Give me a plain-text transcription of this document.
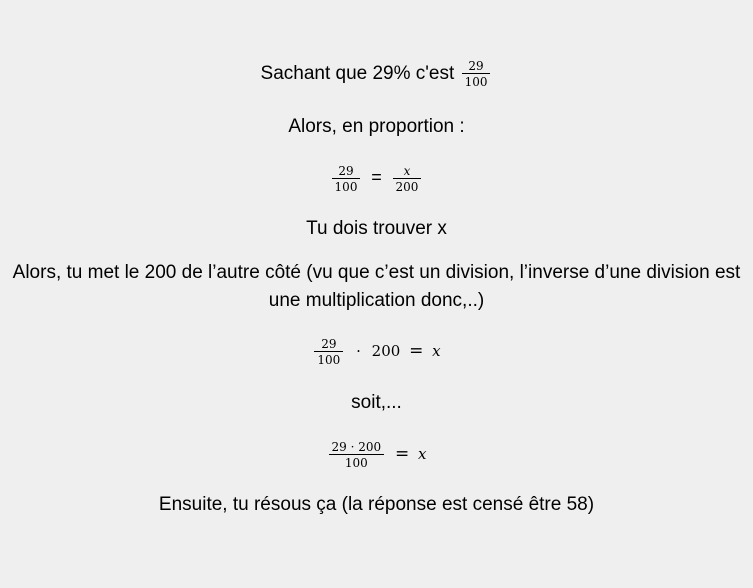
Sachant que 29% $c'est \frac{29}{100}$
Alors, en proportion :
$\frac{29}{100} = \frac{x}{200}$
Tu dois trouver x
Alors, tu met le 200 de l’autre côté (vu que c’est un division, l’inverse d’une division est une multiplication donc,..)
$\frac{29}{100} \cdot 200 = x$
soit,...
$\frac{29 \cdot 200}{100} = x$
Ensuite, tu résous ça (la réponse est censé être 58)
